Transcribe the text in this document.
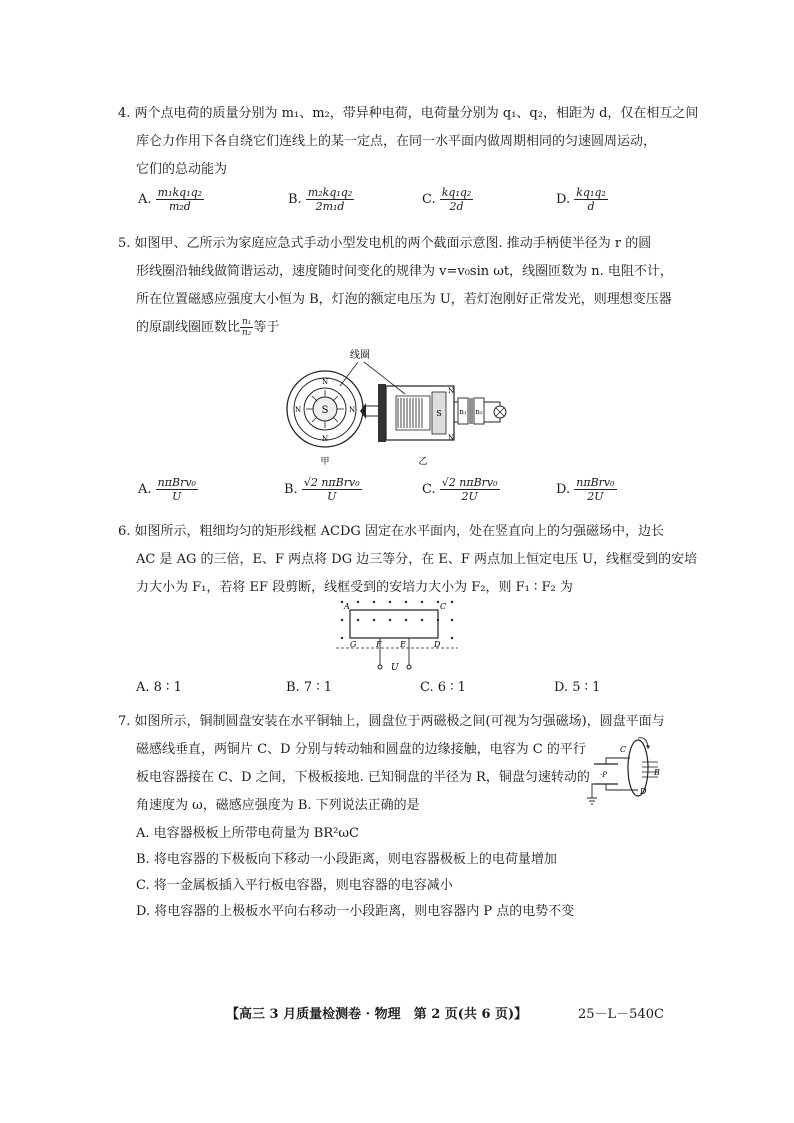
4. 两个点电荷的质量分别为 m₁、m₂，带异种电荷，电荷量分别为 q₁、q₂，相距为 d，仅在相互之间
库仑力作用下各自绕它们连线上的某一定点，在同一水平面内做周期相同的匀速圆周运动，
它们的总动能为
A. $\frac{\text{m₁kq₁q₂}}{\text{m₂d}}$	B. $\frac{\text{m₂kq₁q₂}}{\text{2m₁d}}$	C. $\frac{\text{kq₁q₂}}{2d}$	D. $\frac{\text{kq₁q₂}}{d}$
5. 如图甲、乙所示为家庭应急式手动小型发电机的两个截面示意图. 推动手柄使半径为 r 的圆
形线圈沿轴线做简谐运动，速度随时间变化的规律为 v=v₀sin ωt，线圈匝数为 n. 电阻不计，
所在位置磁感应强度大小恒为 B，灯泡的额定电压为 U，若灯泡刚好正常发光，则理想变压器
的原副线圈匝数比 $\frac{\text{n₁}}{\text{n₂}}$ 等于
S
N
N
N	N
甲
线圈
S
N
N
n₁ n₂
乙
A. $\frac{\text{nπBrv₀}}{U}$	B. $\frac{\text{√2 nπBrv₀}}{U}$	C. $\frac{\text{√2 nπBrv₀}}{2U}$	D. $\frac{\text{nπBrv₀}}{2U}$
6. 如图所示，粗细均匀的矩形线框 ACDG 固定在水平面内，处在竖直向上的匀强磁场中，边长
AC 是 AG 的三倍，E、F 两点将 DG 边三等分，在 E、F 两点加上恒定电压 U，线框受到的安培
力大小为 F₁，若将 EF 段剪断，线框受到的安培力大小为 F₂，则 F₁ ∶ F₂ 为
A	C
G F E	D
U
A. 8 ∶ 1	B. 7 ∶ 1	C. 6 ∶ 1	D. 5 ∶ 1
7. 如图所示，铜制圆盘安装在水平铜轴上，圆盘位于两磁极之间(可视为匀强磁场)，圆盘平面与
磁感线垂直，两铜片 C、D 分别与转动轴和圆盘的边缘接触，电容为 C 的平行
板电容器接在 C、D 之间，下极板接地. 已知铜盘的半径为 R，铜盘匀速转动的
角速度为 ω，磁感应强度为 B. 下列说法正确的是
B
C
D
·P
A. 电容器极板上所带电荷量为 BR²ωC
B. 将电容器的下极板向下移动一小段距离，则电容器极板上的电荷量增加
C. 将一金属板插入平行板电容器，则电容器的电容减小
D. 将电容器的上极板水平向右移动一小段距离，则电容器内 P 点的电势不变
【高三 3 月质量检测卷 · 物理　第 2 页(共 6 页)】	25－L－540C
